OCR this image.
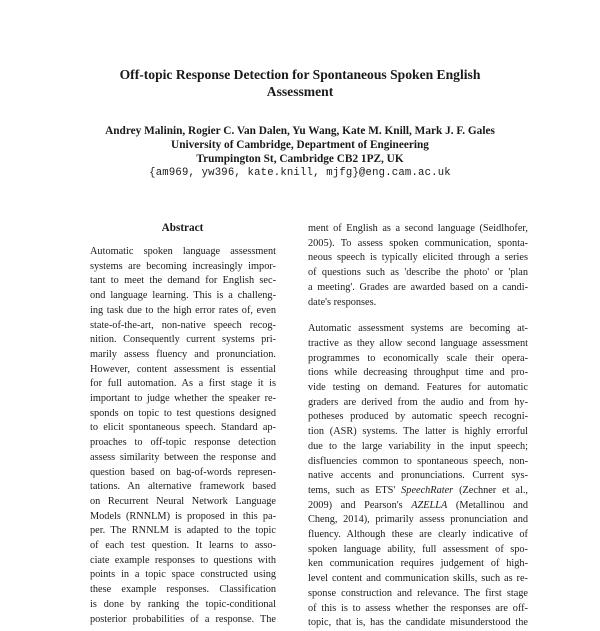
Off-topic Response Detection for Spontaneous Spoken English
Assessment
Andrey Malinin, Rogier C. Van Dalen, Yu Wang, Kate M. Knill, Mark J. F. Gales
University of Cambridge, Department of Engineering
Trumpington St, Cambridge CB2 1PZ, UK
{am969, yw396, kate.knill, mjfg}@eng.cam.ac.uk
Abstract
Automatic spoken language assessment
systems are becoming increasingly impor-
tant to meet the demand for English sec-
ond language learning. This is a challeng-
ing task due to the high error rates of, even
state-of-the-art, non-native speech recog-
nition. Consequently current systems pri-
marily assess fluency and pronunciation.
However, content assessment is essential
for full automation. As a first stage it is
important to judge whether the speaker re-
sponds on topic to test questions designed
to elicit spontaneous speech. Standard ap-
proaches to off-topic response detection
assess similarity between the response and
question based on bag-of-words represen-
tations. An alternative framework based
on Recurrent Neural Network Language
Models (RNNLM) is proposed in this pa-
per. The RNNLM is adapted to the topic
of each test question. It learns to asso-
ciate example responses to questions with
points in a topic space constructed using
these example responses. Classification
is done by ranking the topic-conditional
posterior probabilities of a response. The
ment of English as a second language (Seidlhofer,
2005). To assess spoken communication, sponta-
neous speech is typically elicited through a series
of questions such as 'describe the photo' or 'plan
a meeting'. Grades are awarded based on a candi-
date's responses.
Automatic assessment systems are becoming at-
tractive as they allow second language assessment
programmes to economically scale their opera-
tions while decreasing throughput time and pro-
vide testing on demand. Features for automatic
graders are derived from the audio and from hy-
potheses produced by automatic speech recogni-
tion (ASR) systems. The latter is highly errorful
due to the large variability in the input speech;
disfluencies common to spontaneous speech, non-
native accents and pronunciations. Current sys-
tems, such as ETS' SpeechRater (Zechner et al.,
2009) and Pearson's AZELLA (Metallinou and
Cheng, 2014), primarily assess pronunciation and
fluency. Although these are clearly indicative of
spoken language ability, full assessment of spo-
ken communication requires judgement of high-
level content and communication skills, such as re-
sponse construction and relevance. The first stage
of this is to assess whether the responses are off-
topic, that is, has the candidate misunderstood the
